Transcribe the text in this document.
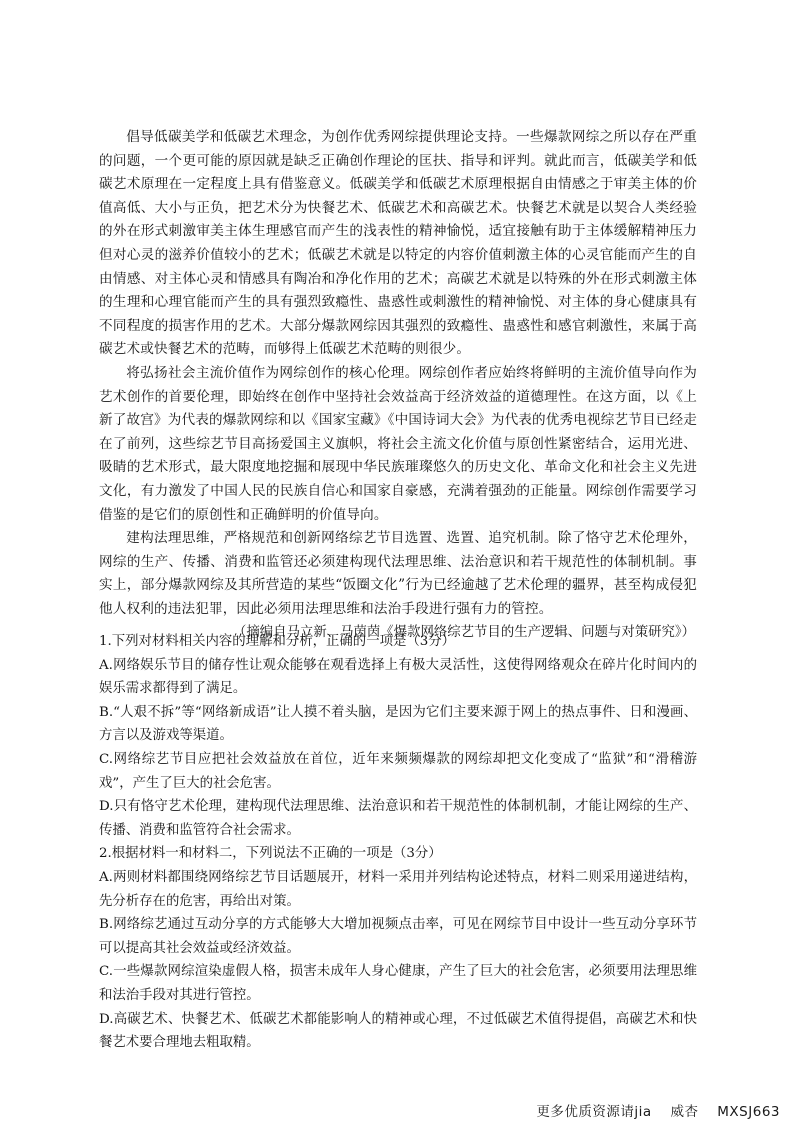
倡导低碳美学和低碳艺术理念，为创作优秀网综提供理论支持。一些爆款网综之所以存在严重的问题，一个更可能的原因就是缺乏正确创作理论的匡扶、指导和评判。就此而言，低碳美学和低碳艺术原理在一定程度上具有借鉴意义。低碳美学和低碳艺术原理根据自由情感之于审美主体的价值高低、大小与正负，把艺术分为快餐艺术、低碳艺术和高碳艺术。快餐艺术就是以契合人类经验的外在形式刺激审美主体生理感官而产生的浅表性的精神愉悦，适宜接触有助于主体缓解精神压力但对心灵的滋养价值较小的艺术；低碳艺术就是以特定的内容价值刺激主体的心灵官能而产生的自由情感、对主体心灵和情感具有陶冶和净化作用的艺术；高碳艺术就是以特殊的外在形式刺激主体的生理和心理官能而产生的具有强烈致瘾性、蛊惑性或刺激性的精神愉悦、对主体的身心健康具有不同程度的损害作用的艺术。大部分爆款网综因其强烈的致瘾性、蛊惑性和感官刺激性，来属于高碳艺术或快餐艺术的范畴，而够得上低碳艺术范畴的则很少。

将弘扬社会主流价值作为网综创作的核心伦理。网综创作者应始终将鲜明的主流价值导向作为艺术创作的首要伦理，即始终在创作中坚持社会效益高于经济效益的道德理性。在这方面，以《上新了故宫》为代表的爆款网综和以《国家宝藏》《中国诗词大会》为代表的优秀电视综艺节目已经走在了前列，这些综艺节目高扬爱国主义旗帜，将社会主流文化价值与原创性紧密结合，运用光进、吸睛的艺术形式，最大限度地挖掘和展现中华民族璀璨悠久的历史文化、革命文化和社会主义先进文化，有力激发了中国人民的民族自信心和国家自豪感，充满着强劲的正能量。网综创作需要学习借鉴的是它们的原创性和正确鲜明的价值导向。

建构法理思维，严格规范和创新网络综艺节目选置、选置、追究机制。除了恪守艺术伦理外，网综的生产、传播、消费和监管还必须建构现代法理思维、法治意识和若干规范性的体制机制。事实上，部分爆款网综及其所营造的某些“饭圈文化”行为已经逾越了艺术伦理的疆界，甚至构成侵犯他人权利的违法犯罪，因此必须用法理思维和法治手段进行强有力的管控。

（摘编自马立新、马茵茵《爆款网络综艺节目的生产逻辑、问题与对策研究》）

1.下列对材料相关内容的理解和分析，正确的一项是（3分）

A.网络娱乐节目的储存性让观众能够在观看选择上有极大灵活性，这使得网络观众在碎片化时间内的娱乐需求都得到了满足。

B.“人艰不拆”等“网络新成语”让人摸不着头脑，是因为它们主要来源于网上的热点事件、日和漫画、方言以及游戏等渠道。

C.网络综艺节目应把社会效益放在首位，近年来频频爆款的网综却把文化变成了“监狱”和“滑稽游戏”，产生了巨大的社会危害。

D.只有恪守艺术伦理，建构现代法理思维、法治意识和若干规范性的体制机制，才能让网综的生产、传播、消费和监管符合社会需求。

2.根据材料一和材料二，下列说法不正确的一项是（3分）

A.两则材料都围绕网络综艺节目话题展开，材料一采用并列结构论述特点，材料二则采用递进结构，先分析存在的危害，再给出对策。

B.网络综艺通过互动分享的方式能够大大增加视频点击率，可见在网综节目中设计一些互动分享环节可以提高其社会效益或经济效益。

C.一些爆款网综渲染虚假人格，损害未成年人身心健康，产生了巨大的社会危害，必须要用法理思维和法治手段对其进行管控。

D.高碳艺术、快餐艺术、低碳艺术都能影响人的精神或心理，不过低碳艺术值得提倡，高碳艺术和快餐艺术要合理地去粗取精。

更多优质资源请jia 威杏 MXSJ663
